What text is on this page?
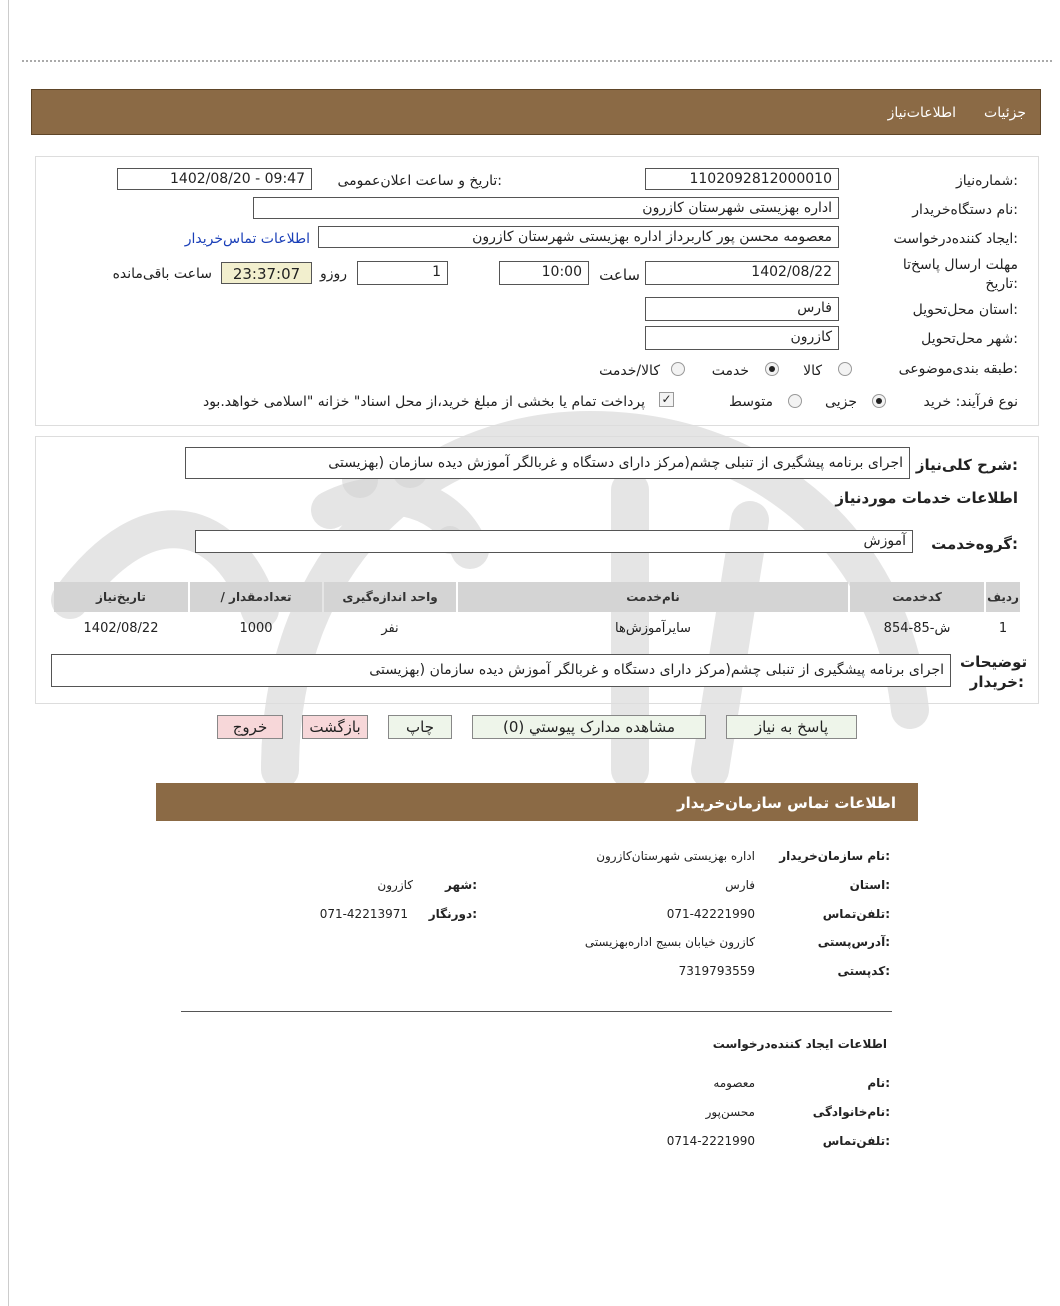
جزئیات
اطلاعات‌نیاز
شماره‌نیاز:
1102092812000010
تاریخ و ساعت اعلان‌عمومی:
1402/08/20 - 09:47
نام دستگاه‌خریدار:
اداره بهزیستی شهرستان کازرون
ایجاد کننده‌درخواست:
معصومه محسن پور کاربرداز اداره بهزیستی شهرستان کازرون
اطلاعات تماس‌خریدار
مهلت ارسال پاسخ‌تا تاریخ:
1402/08/22
ساعت
10:00
1
روزو
23:37:07
ساعت باقی‌مانده
استان محل‌تحویل:
فارس
شهر محل‌تحویل:
کازرون
طبقه بندی‌موضوعی:
کالا
خدمت
کالا/خدمت
نوع فرآیند: خرید
جزیی
متوسط
✓
پرداخت تمام یا بخشی از مبلغ خرید،از محل اسناد" خزانه "اسلامی خواهد.بود
شرح کلی‌نیاز:
اجرای برنامه پیشگیری از تنبلی چشم(مرکز دارای دستگاه و غربالگر آموزش دیده سازمان (بهزیستی
اطلاعات خدمات موردنیاز
گروه‌خدمت:
آموزش
ردیف	کدخدمت	نام‌خدمت	واحد اندازه‌گیری	تعداد‌مقدار /	تاریخ‌نیاز
1	ش-85-854	سایرآموزش‌ها	نفر	1000	1402/08/22
توضیحات خریدار:
اجرای برنامه پیشگیری از تنبلی چشم(مرکز دارای دستگاه و غربالگر آموزش دیده سازمان (بهزیستی
پاسخ به نیاز
مشاهده مدارک پیوستي (0)
چاپ
بازگشت
خروج
اطلاعات تماس سازمان‌خریدار
نام سازمان‌خریدار:
اداره بهزیستی شهرستان‌کازرون
استان:
فارس
شهر:
کازرون
تلفن‌تماس:
071-42221990
دورنگار:
071-42213971
آدرس‌پستی:
کازرون خیابان بسیج اداره‌بهزیستی
کدپستی:
7319793559
اطلاعات ایجاد کننده‌درخواست
نام:
معصومه
نام‌خانوادگی:
محسن‌پور
تلفن‌تماس:
0714-2221990
